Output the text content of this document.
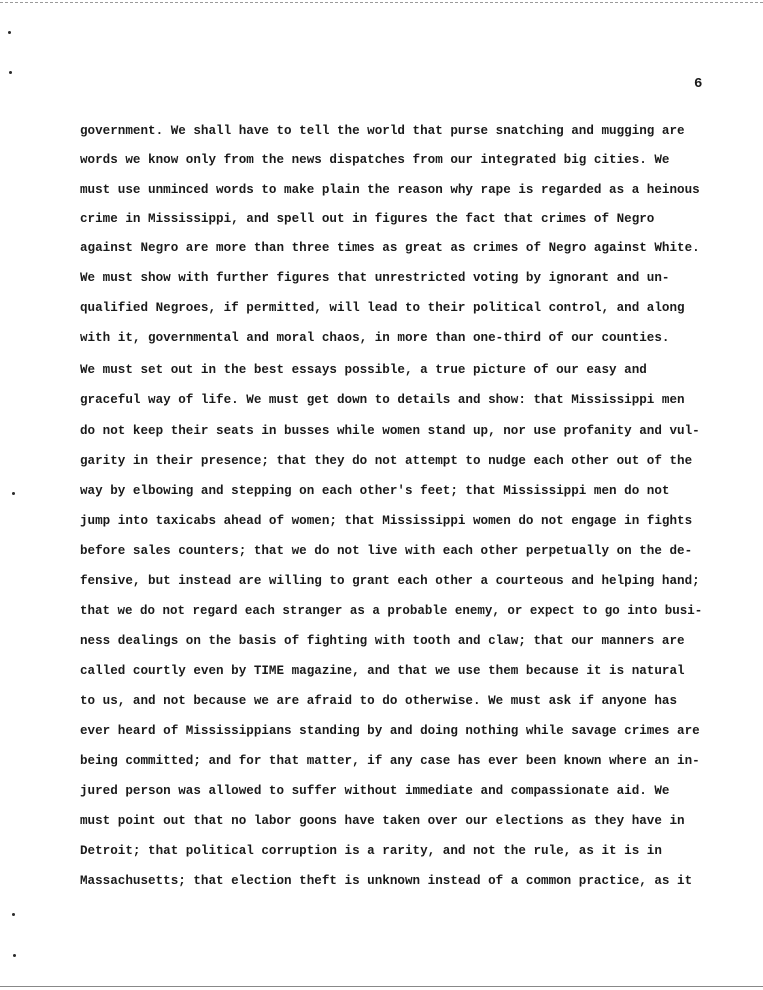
6
government. We shall have to tell the world that purse snatching and mugging are
words we know only from the news dispatches from our integrated big cities. We
must use unminced words to make plain the reason why rape is regarded as a heinous
crime in Mississippi, and spell out in figures the fact that crimes of Negro
against Negro are more than three times as great as crimes of Negro against White.
We must show with further figures that unrestricted voting by ignorant and un-
qualified Negroes, if permitted, will lead to their political control, and along
with it, governmental and moral chaos, in more than one-third of our counties.
We must set out in the best essays possible, a true picture of our easy and
graceful way of life. We must get down to details and show: that Mississippi men
do not keep their seats in busses while women stand up, nor use profanity and vul-
garity in their presence; that they do not attempt to nudge each other out of the
way by elbowing and stepping on each other's feet; that Mississippi men do not
jump into taxicabs ahead of women; that Mississippi women do not engage in fights
before sales counters; that we do not live with each other perpetually on the de-
fensive, but instead are willing to grant each other a courteous and helping hand;
that we do not regard each stranger as a probable enemy, or expect to go into busi-
ness dealings on the basis of fighting with tooth and claw; that our manners are
called courtly even by TIME magazine, and that we use them because it is natural
to us, and not because we are afraid to do otherwise. We must ask if anyone has
ever heard of Mississippians standing by and doing nothing while savage crimes are
being committed; and for that matter, if any case has ever been known where an in-
jured person was allowed to suffer without immediate and compassionate aid. We
must point out that no labor goons have taken over our elections as they have in
Detroit; that political corruption is a rarity, and not the rule, as it is in
Massachusetts; that election theft is unknown instead of a common practice, as it
